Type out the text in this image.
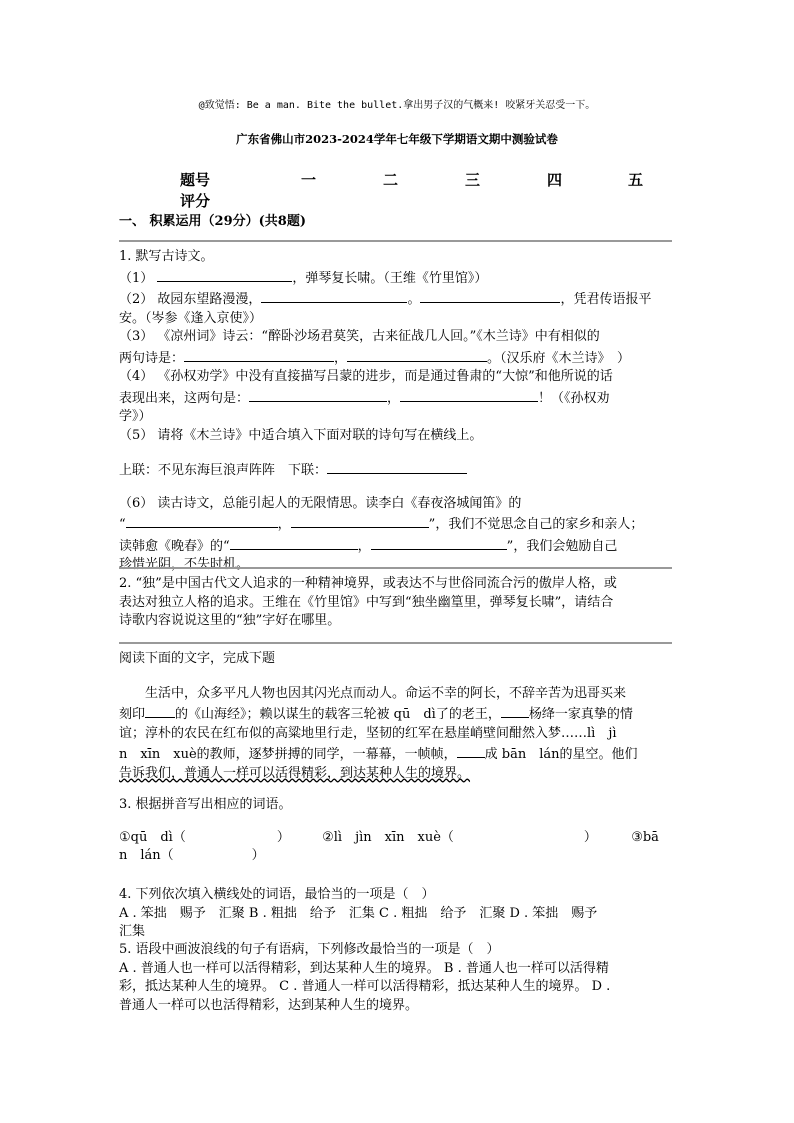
@致觉悟: Be a man. Bite the bullet.拿出男子汉的气概来! 咬紧牙关忍受一下。
广东省佛山市2023-2024学年七年级下学期语文期中测验试卷
题号	一	二	三	四	五
评分
一、 积累运用（29分）(共8题)

1. 默写古诗文。

（1）	，弹琴复长啸。（王维《竹里馆》）

（2） 故园东望路漫漫，	。	，凭君传语报平

安。（岑参《逢入京使》）

（3） 《凉州词》诗云：“醉卧沙场君莫笑，古来征战几人回。”《木兰诗》中有相似的

两句诗是：	，	。（汉乐府《木兰诗》　）

（4） 《孙权劝学》中没有直接描写吕蒙的进步，而是通过鲁肃的“大惊”和他所说的话

表现出来，这两句是：	，	！（《孙权劝

学》）

（5） 请将《木兰诗》中适合填入下面对联的诗句写在横线上。

上联：不见东海巨浪声阵阵　下联：

（6） 读古诗文，总能引起人的无限情思。读李白《春夜洛城闻笛》的

“	，	”，我们不觉思念自己的家乡和亲人；

读韩愈《晚春》的“	，	”，我们会勉励自己

珍惜光阴，不失时机。

2. “独”是中国古代文人追求的一种精神境界，或表达不与世俗同流合污的傲岸人格，或

表达对独立人格的追求。王维在《竹里馆》中写到“独坐幽篁里，弹琴复长啸”，请结合

诗歌内容说说这里的“独”字好在哪里。

阅读下面的文字，完成下题

生活中，众多平凡人物也因其闪光点而动人。命运不幸的阿长，不辞辛苦为迅哥买来

刻印 的《山海经》；赖以谋生的载客三轮被 qū　dì了的老王， 杨绛一家真挚的情

谊；淳朴的农民在红布似的高粱地里行走，坚韧的红军在悬崖峭壁间酣然入梦……lì　jì

n　xīn　xuè的教师，逐梦拼搏的同学，一幕幕，一帧帧， 成 bān　lán的星空。他们

告诉我们，普通人一样可以活得精彩，到达某种人生的境界。

3. 根据拼音写出相应的词语。

①qū　dì（　　　　　　　） ②lì　jìn　xīn　xuè（　　　　　　　　　　）	③bā

n　lán（　　　　　　）

4. 下列依次填入横线处的词语，最恰当的一项是（　）

A . 笨拙　赐予　汇聚 B . 粗拙　给予　汇集 C . 粗拙　给予　汇聚 D . 笨拙　赐予

汇集

5. 语段中画波浪线的句子有语病，下列修改最恰当的一项是（　）

A . 普通人也一样可以活得精彩，到达某种人生的境界。 B . 普通人也一样可以活得精

彩，抵达某种人生的境界。 C . 普通人一样可以活得精彩，抵达某种人生的境界。 D .

普通人一样可以也活得精彩，达到某种人生的境界。
